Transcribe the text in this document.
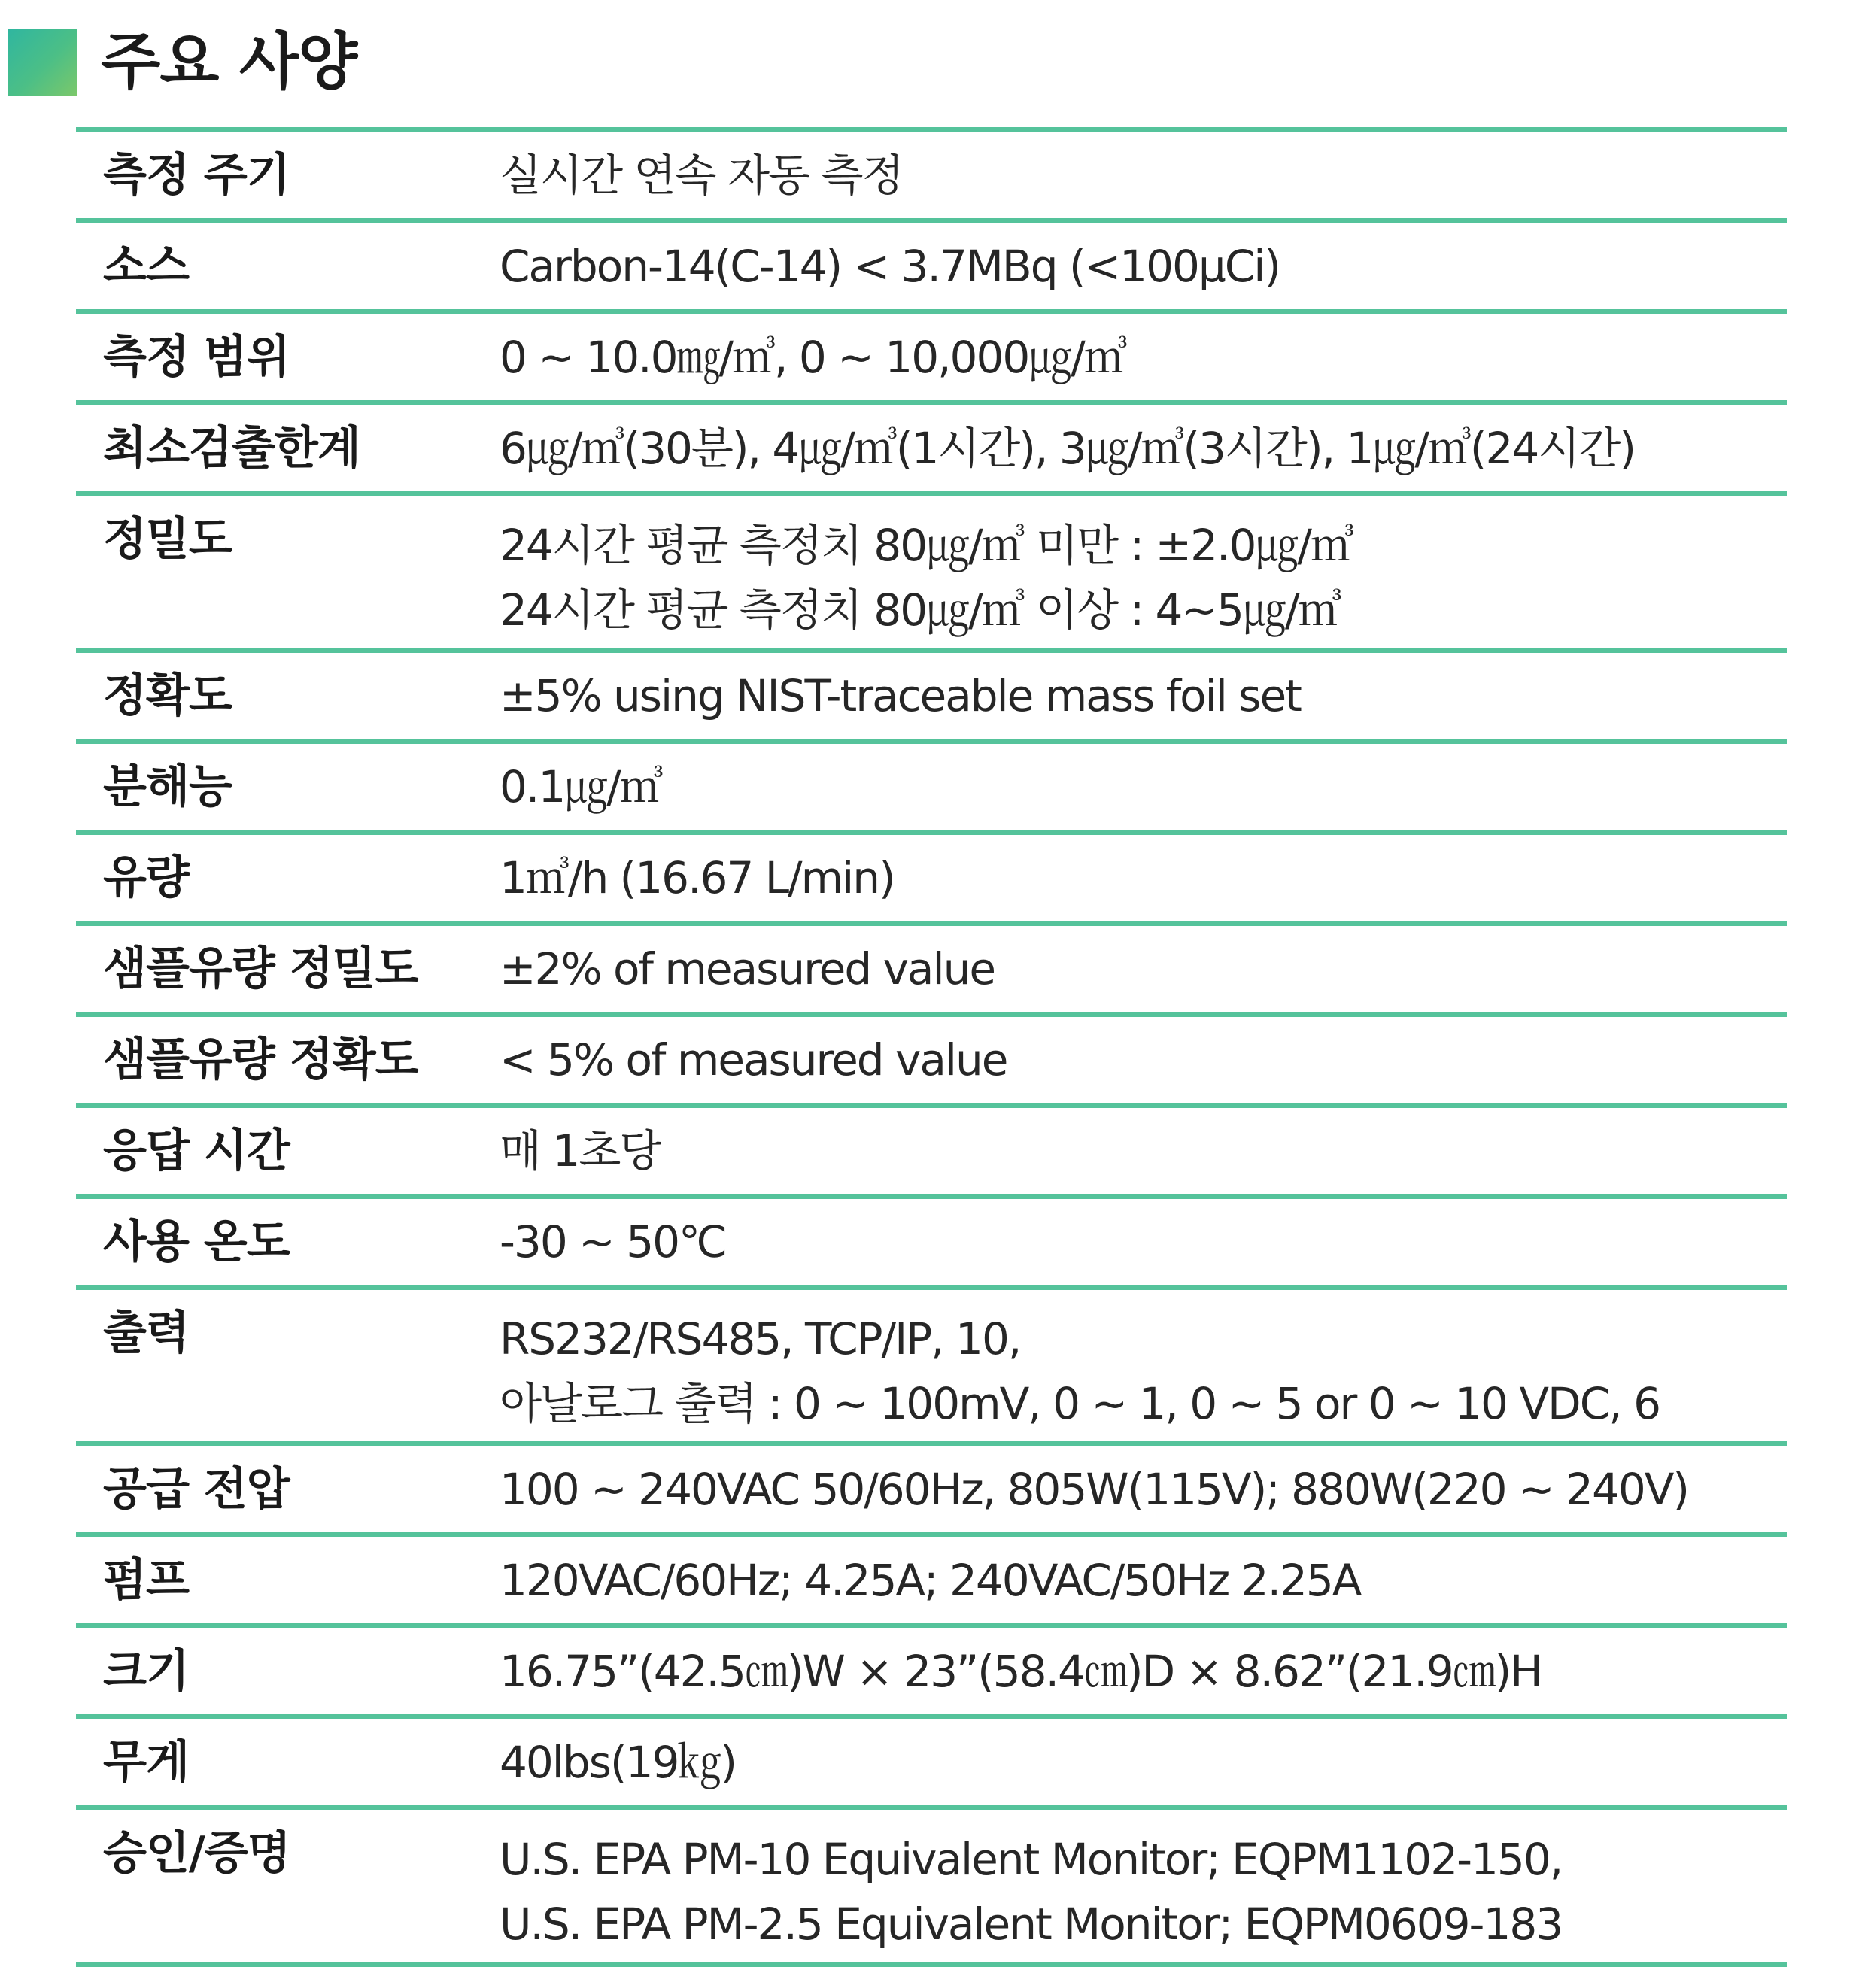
주요 사양
측정 주기	실시간 연속 자동 측정
소스	Carbon-14(C-14) < 3.7MBq (<100μCi)
측정 범위	0 ~ 10.0㎎/㎥, 0 ~ 10,000㎍/㎥
최소검출한계	6㎍/㎥(30분), 4㎍/㎥(1시간), 3㎍/㎥(3시간), 1㎍/㎥(24시간)
정밀도	24시간 평균 측정치 80㎍/㎥ 미만 : ±2.0㎍/㎥
24시간 평균 측정치 80㎍/㎥ 이상 : 4~5㎍/㎥
정확도	±5% using NIST-traceable mass foil set
분해능	0.1㎍/㎥
유량	1㎥/h (16.67 L/min)
샘플유량 정밀도	±2% of measured value
샘플유량 정확도	< 5% of measured value
응답 시간	매 1초당
사용 온도	-30 ~ 50℃
출력	RS232/RS485, TCP/IP, 10,
아날로그 출력 : 0 ~ 100mV, 0 ~ 1, 0 ~ 5 or 0 ~ 10 VDC, 6
공급 전압	100 ~ 240VAC 50/60Hz, 805W(115V); 880W(220 ~ 240V)
펌프	120VAC/60Hz; 4.25A; 240VAC/50Hz 2.25A
크기	16.75”(42.5㎝)W × 23”(58.4㎝)D × 8.62”(21.9㎝)H
무게	40lbs(19㎏)
승인/증명	U.S. EPA PM-10 Equivalent Monitor; EQPM1102-150,
U.S. EPA PM-2.5 Equivalent Monitor; EQPM0609-183
